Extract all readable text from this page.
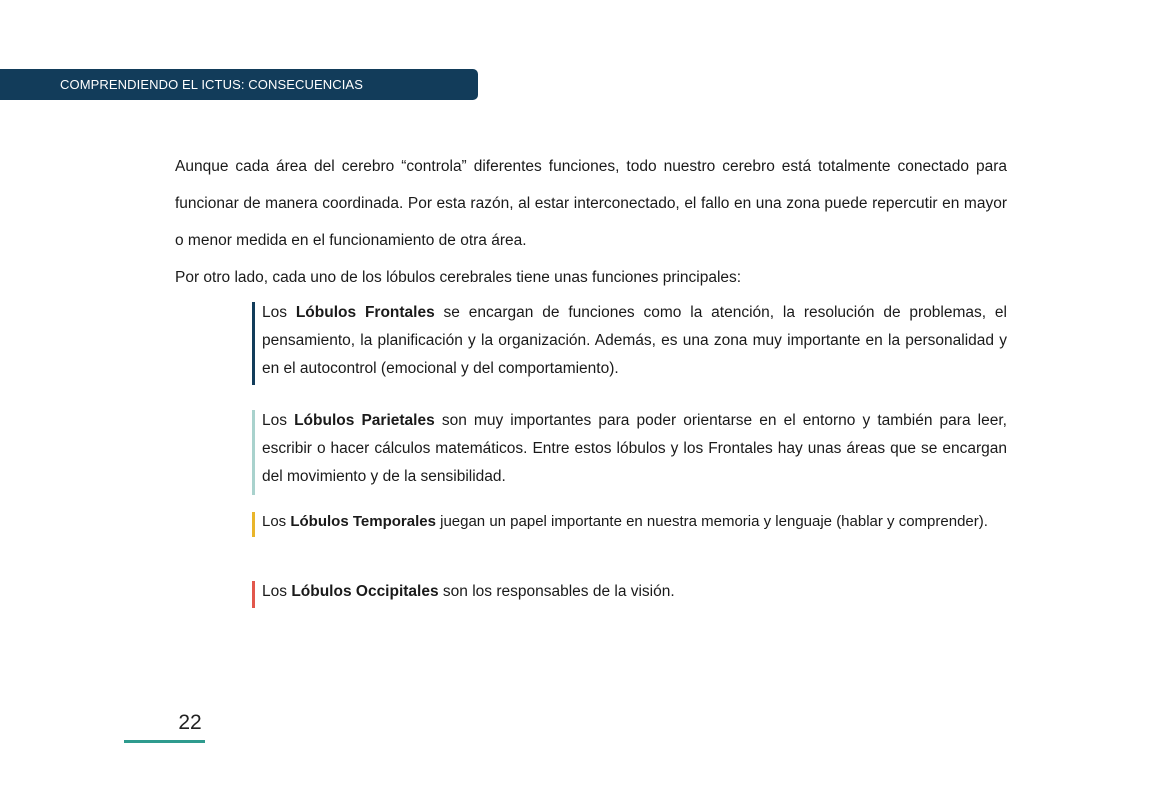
COMPRENDIENDO EL ICTUS: CONSECUENCIAS

Aunque cada área del cerebro “controla” diferentes funciones, todo nuestro cerebro está totalmente conectado para funcionar de manera coordinada. Por esta razón, al estar interconectado, el fallo en una zona puede repercutir en mayor o menor medida en el funcionamiento de otra área.

Por otro lado, cada uno de los lóbulos cerebrales tiene unas funciones principales:

Los Lóbulos Frontales se encargan de funciones como la atención, la resolución de problemas, el pensamiento, la planificación y la organización. Además, es una zona muy importante en la personalidad y en el autocontrol (emocional y del comportamiento).

Los Lóbulos Parietales son muy importantes para poder orientarse en el entorno y también para leer, escribir o hacer cálculos matemáticos. Entre estos lóbulos y los Frontales hay unas áreas que se encargan del movimiento y de la sensibilidad.

Los Lóbulos Temporales juegan un papel importante en nuestra memoria y lenguaje (hablar y comprender).

Los Lóbulos Occipitales son los responsables de la visión.

22
